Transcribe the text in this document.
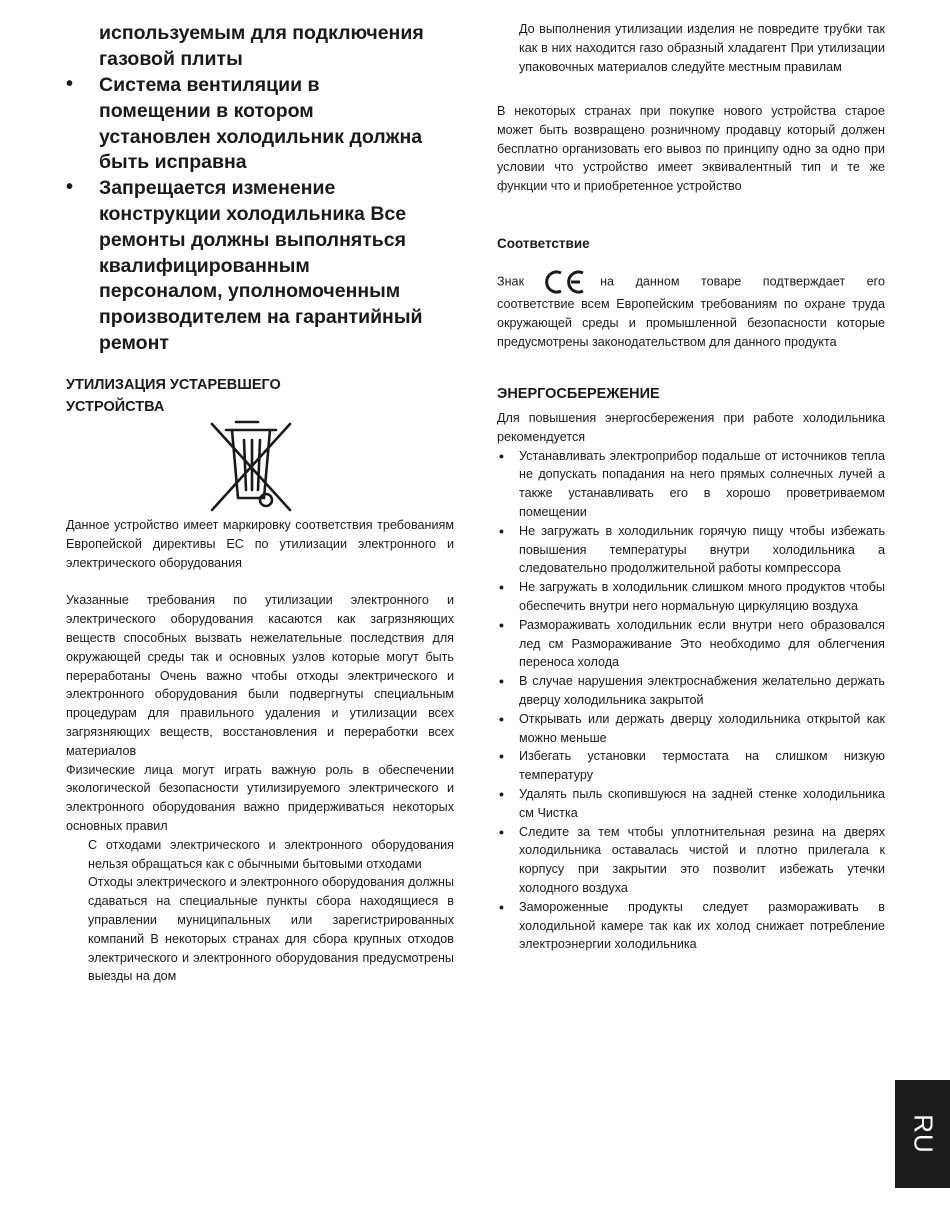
используемым для подключения
газовой плиты
• Система вентиляции в
помещении в котором
установлен холодильник должна
быть исправна
• Запрещается изменение
конструкции холодильника Все
ремонты должны выполняться
квалифицированным
персоналом, уполномоченным
производителем на гарантийный
ремонт
УТИЛИЗАЦИЯ УСТАРЕВШЕГО
УСТРОЙСТВА

Данное устройство имеет маркировку соответствия требованиям Европейской директивы EC по утилизации электронного и электрического оборудования

Указанные требования по утилизации электронного и электрического оборудования касаются как загрязняющих веществ способных вызвать нежелательные последствия для окружающей среды так и основных узлов которые могут быть переработаны Очень важно чтобы отходы электрического и электронного оборудования были подвергнуты специальным процедурам для правильного удаления и утилизации всех загрязняющих веществ, восстановления и переработки всех материалов

Физические лица могут играть важную роль в обеспечении экологической безопасности утилизируемого электрического и электронного оборудования важно придерживаться некоторых основных правил

С отходами электрического и электронного оборудования нельзя обращаться как с обычными бытовыми отходами

Отходы электрического и электронного оборудования должны сдаваться на специальные пункты сбора находящиеся в управлении муниципальных или зарегистрированных компаний В некоторых странах для сбора крупных отходов электрического и электронного оборудования предусмотрены выезды на дом

До выполнения утилизации изделия не повредите трубки так как в них находится газо образный хладагент При утилизации упаковочных материалов следуйте местным правилам

В некоторых странах при покупке нового устройства старое может быть возвращено розничному продавцу который должен бесплатно организовать его вывоз по принципу одно за одно при условии что устройство имеет эквивалентный тип и те же функции что и приобретенное устройство

Соответствие

Знак	на данном товаре подтверждает его соответствие всем Европейским требованиям по охране труда окружающей среды и промышленной безопасности которые предусмотрены законодательством для данного продукта

ЭНЕРГОСБЕРЕЖЕНИЕ

Для повышения энергосбережения при работе холодильника рекомендуется

• Устанавливать электроприбор подальше от источников тепла не допускать попадания на него прямых солнечных лучей а также устанавливать его в хорошо проветриваемом помещении
• Не загружать в холодильник горячую пищу чтобы избежать повышения температуры внутри холодильника а следовательно продолжительной работы компрессора
• Не загружать в холодильник слишком много продуктов чтобы обеспечить внутри него нормальную циркуляцию воздуха
• Размораживать холодильник если внутри него образовался лед см Размораживание Это необходимо для облегчения переноса холода
• В случае нарушения электроснабжения желательно держать дверцу холодильника закрытой
• Открывать или держать дверцу холодильника открытой как можно меньше
• Избегать установки термостата на слишком низкую температуру
• Удалять пыль скопившуюся на задней стенке холодильника см Чистка
• Следите за тем чтобы уплотнительная резина на дверях холодильника оставалась чистой и плотно прилегала к корпусу при закрытии это позволит избежать утечки холодного воздуха
• Замороженные продукты следует размораживать в холодильной камере так как их холод снижает потребление электроэнергии холодильника
RU
